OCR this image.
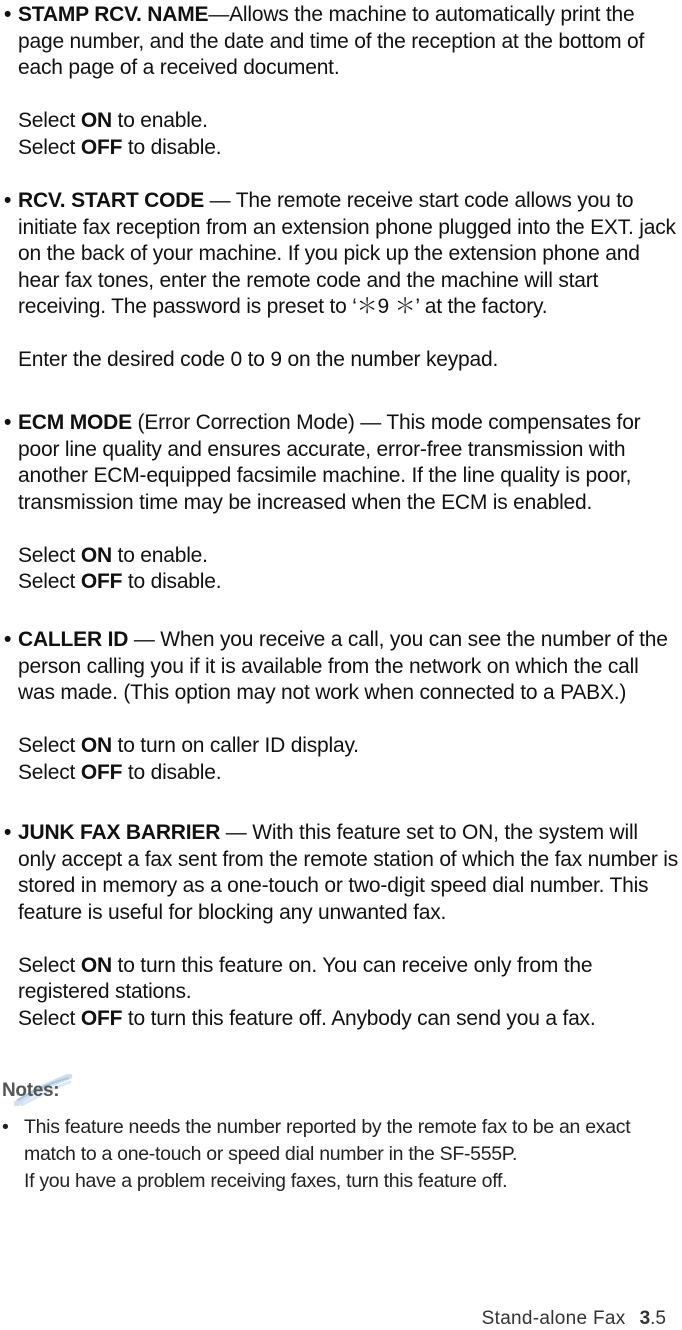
• STAMP RCV. NAME—Allows the machine to automatically print the page number, and the date and time of the reception at the bottom of each page of a received document.

Select ON to enable.

Select OFF to disable.

• RCV. START CODE — The remote receive start code allows you to initiate fax reception from an extension phone plugged into the EXT. jack on the back of your machine. If you pick up the extension phone and hear fax tones, enter the remote code and the machine will start receiving. The password is preset to ‘＊9 ＊’ at the factory.

Enter the desired code 0 to 9 on the number keypad.

• ECM MODE (Error Correction Mode) — This mode compensates for poor line quality and ensures accurate, error-free transmission with another ECM-equipped facsimile machine. If the line quality is poor, transmission time may be increased when the ECM is enabled.

Select ON to enable.

Select OFF to disable.

• CALLER ID — When you receive a call, you can see the number of the person calling you if it is available from the network on which the call was made. (This option may not work when connected to a PABX.)

Select ON to turn on caller ID display.

Select OFF to disable.

• JUNK FAX BARRIER — With this feature set to ON, the system will only accept a fax sent from the remote station of which the fax number is stored in memory as a one-touch or two-digit speed dial number. This feature is useful for blocking any unwanted fax.

Select ON to turn this feature on. You can receive only from the registered stations.

Select OFF to turn this feature off. Anybody can send you a fax.

Notes:
• This feature needs the number reported by the remote fax to be an exact match to a one-touch or speed dial number in the SF-555P.
If you have a problem receiving faxes, turn this feature off.
Stand-alone Fax 3.5
